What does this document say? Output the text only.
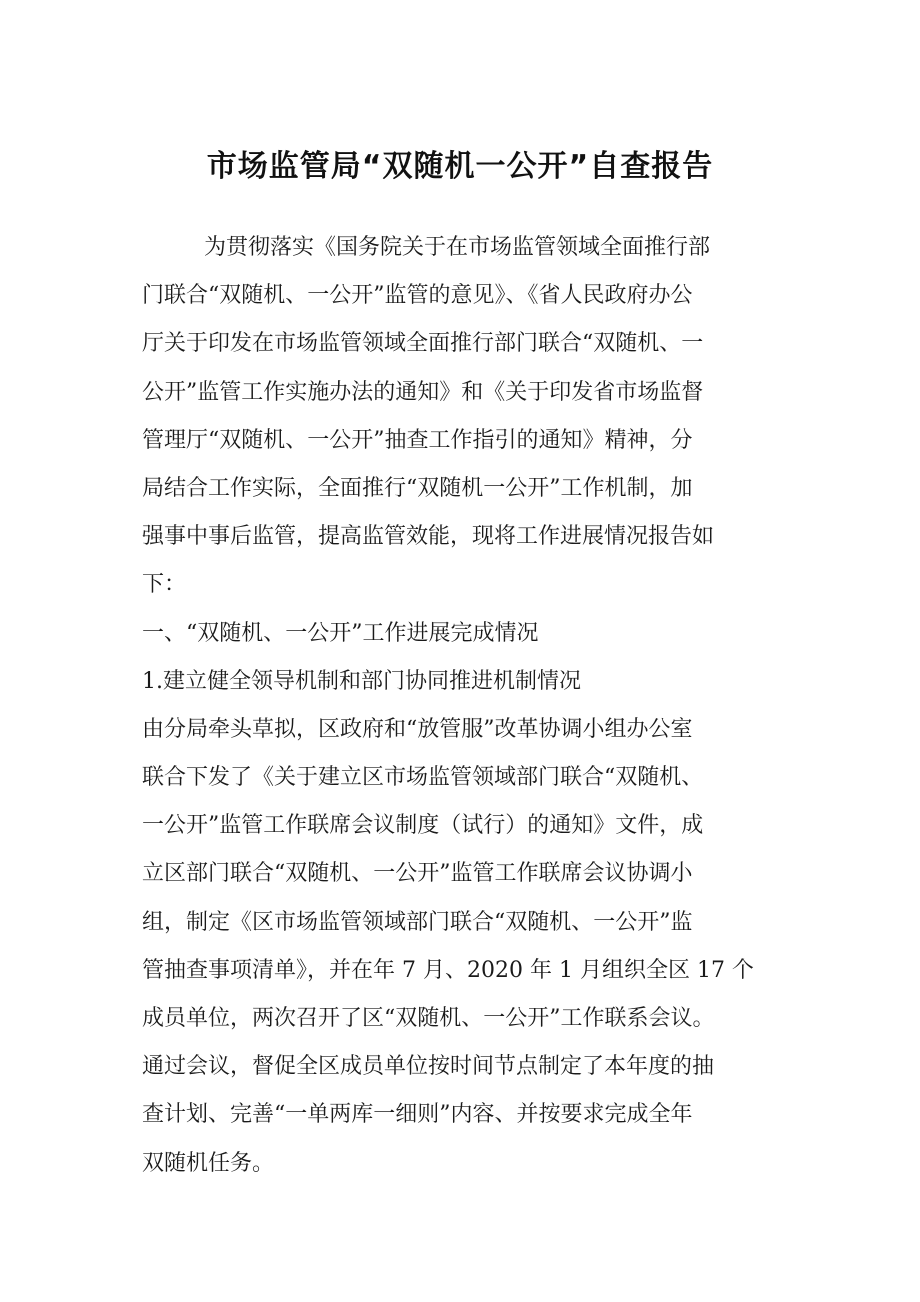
市场监管局“双随机一公开”自查报告
为贯彻落实《国务院关于在市场监管领域全面推行部
门联合“双随机、一公开”监管的意见》、《省人民政府办公
厅关于印发在市场监管领域全面推行部门联合“双随机、一
公开”监管工作实施办法的通知》和《关于印发省市场监督
管理厅“双随机、一公开”抽查工作指引的通知》精神，分
局结合工作实际，全面推行“双随机一公开”工作机制，加
强事中事后监管，提高监管效能，现将工作进展情况报告如
下：
一、“双随机、一公开”工作进展完成情况
1.建立健全领导机制和部门协同推进机制情况
由分局牵头草拟，区政府和“放管服”改革协调小组办公室
联合下发了《关于建立区市场监管领域部门联合“双随机、
一公开”监管工作联席会议制度（试行）的通知》文件，成
立区部门联合“双随机、一公开”监管工作联席会议协调小
组，制定《区市场监管领域部门联合“双随机、一公开”监
管抽查事项清单》，并在年 7 月、2020 年 1 月组织全区 17 个
成员单位，两次召开了区“双随机、一公开”工作联系会议。
通过会议，督促全区成员单位按时间节点制定了本年度的抽
查计划、完善“一单两库一细则”内容、并按要求完成全年
双随机任务。
